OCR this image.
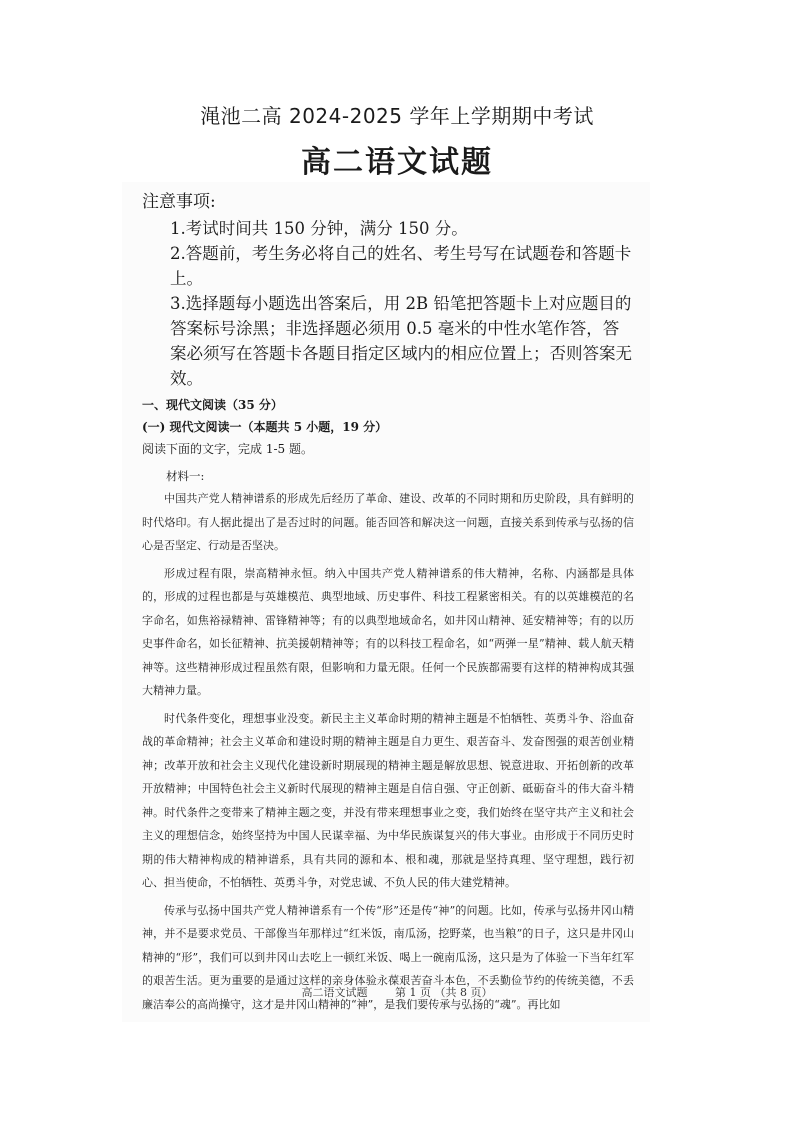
渑池二高 2024-2025 学年上学期期中考试
高二语文试题
注意事项:
1.考试时间共 150 分钟，满分 150 分。
2.答题前，考生务必将自己的姓名、考生号写在试题卷和答题卡上。
3.选择题每小题选出答案后，用 2B 铅笔把答题卡上对应题目的答案标号涂黑；非选择题必须用 0.5 毫米的中性水笔作答，答案必须写在答题卡各题目指定区域内的相应位置上；否则答案无效。
一、现代文阅读（35 分）
(一) 现代文阅读一（本题共 5 小题，19 分）
阅读下面的文字，完成 1-5 题。
材料一:

中国共产党人精神谱系的形成先后经历了革命、建设、改革的不同时期和历史阶段，具有鲜明的时代烙印。有人据此提出了是否过时的问题。能否回答和解决这一问题，直接关系到传承与弘扬的信心是否坚定、行动是否坚决。

形成过程有限，崇高精神永恒。纳入中国共产党人精神谱系的伟大精神，名称、内涵都是具体的，形成的过程也都是与英雄模范、典型地域、历史事件、科技工程紧密相关。有的以英雄模范的名字命名，如焦裕禄精神、雷锋精神等；有的以典型地域命名，如井冈山精神、延安精神等；有的以历史事件命名，如长征精神、抗美援朝精神等；有的以科技工程命名，如“两弹一星”精神、载人航天精神等。这些精神形成过程虽然有限，但影响和力量无限。任何一个民族都需要有这样的精神构成其强大精神力量。

时代条件变化，理想事业没变。新民主主义革命时期的精神主题是不怕牺牲、英勇斗争、浴血奋战的革命精神；社会主义革命和建设时期的精神主题是自力更生、艰苦奋斗、发奋图强的艰苦创业精神；改革开放和社会主义现代化建设新时期展现的精神主题是解放思想、锐意进取、开拓创新的改革开放精神；中国特色社会主义新时代展现的精神主题是自信自强、守正创新、砥砺奋斗的伟大奋斗精神。时代条件之变带来了精神主题之变，并没有带来理想事业之变，我们始终在坚守共产主义和社会主义的理想信念，始终坚持为中国人民谋幸福、为中华民族谋复兴的伟大事业。由形成于不同历史时期的伟大精神构成的精神谱系，具有共同的源和本、根和魂，那就是坚持真理、坚守理想，践行初心、担当使命，不怕牺牲、英勇斗争，对党忠诚、不负人民的伟大建党精神。

传承与弘扬中国共产党人精神谱系有一个传“形”还是传“神”的问题。比如，传承与弘扬井冈山精神，并不是要求党员、干部像当年那样过“红米饭，南瓜汤，挖野菜，也当粮”的日子，这只是井冈山精神的“形”，我们可以到井冈山去吃上一顿红米饭、喝上一碗南瓜汤，这只是为了体验一下当年红军的艰苦生活。更为重要的是通过这样的亲身体验永葆艰苦奋斗本色，不丢勤俭节约的传统美德，不丢廉洁奉公的高尚操守，这才是井冈山精神的“神”，是我们要传承与弘扬的“魂”。再比如

高二语文试题	第 1 页 （共 8 页）
